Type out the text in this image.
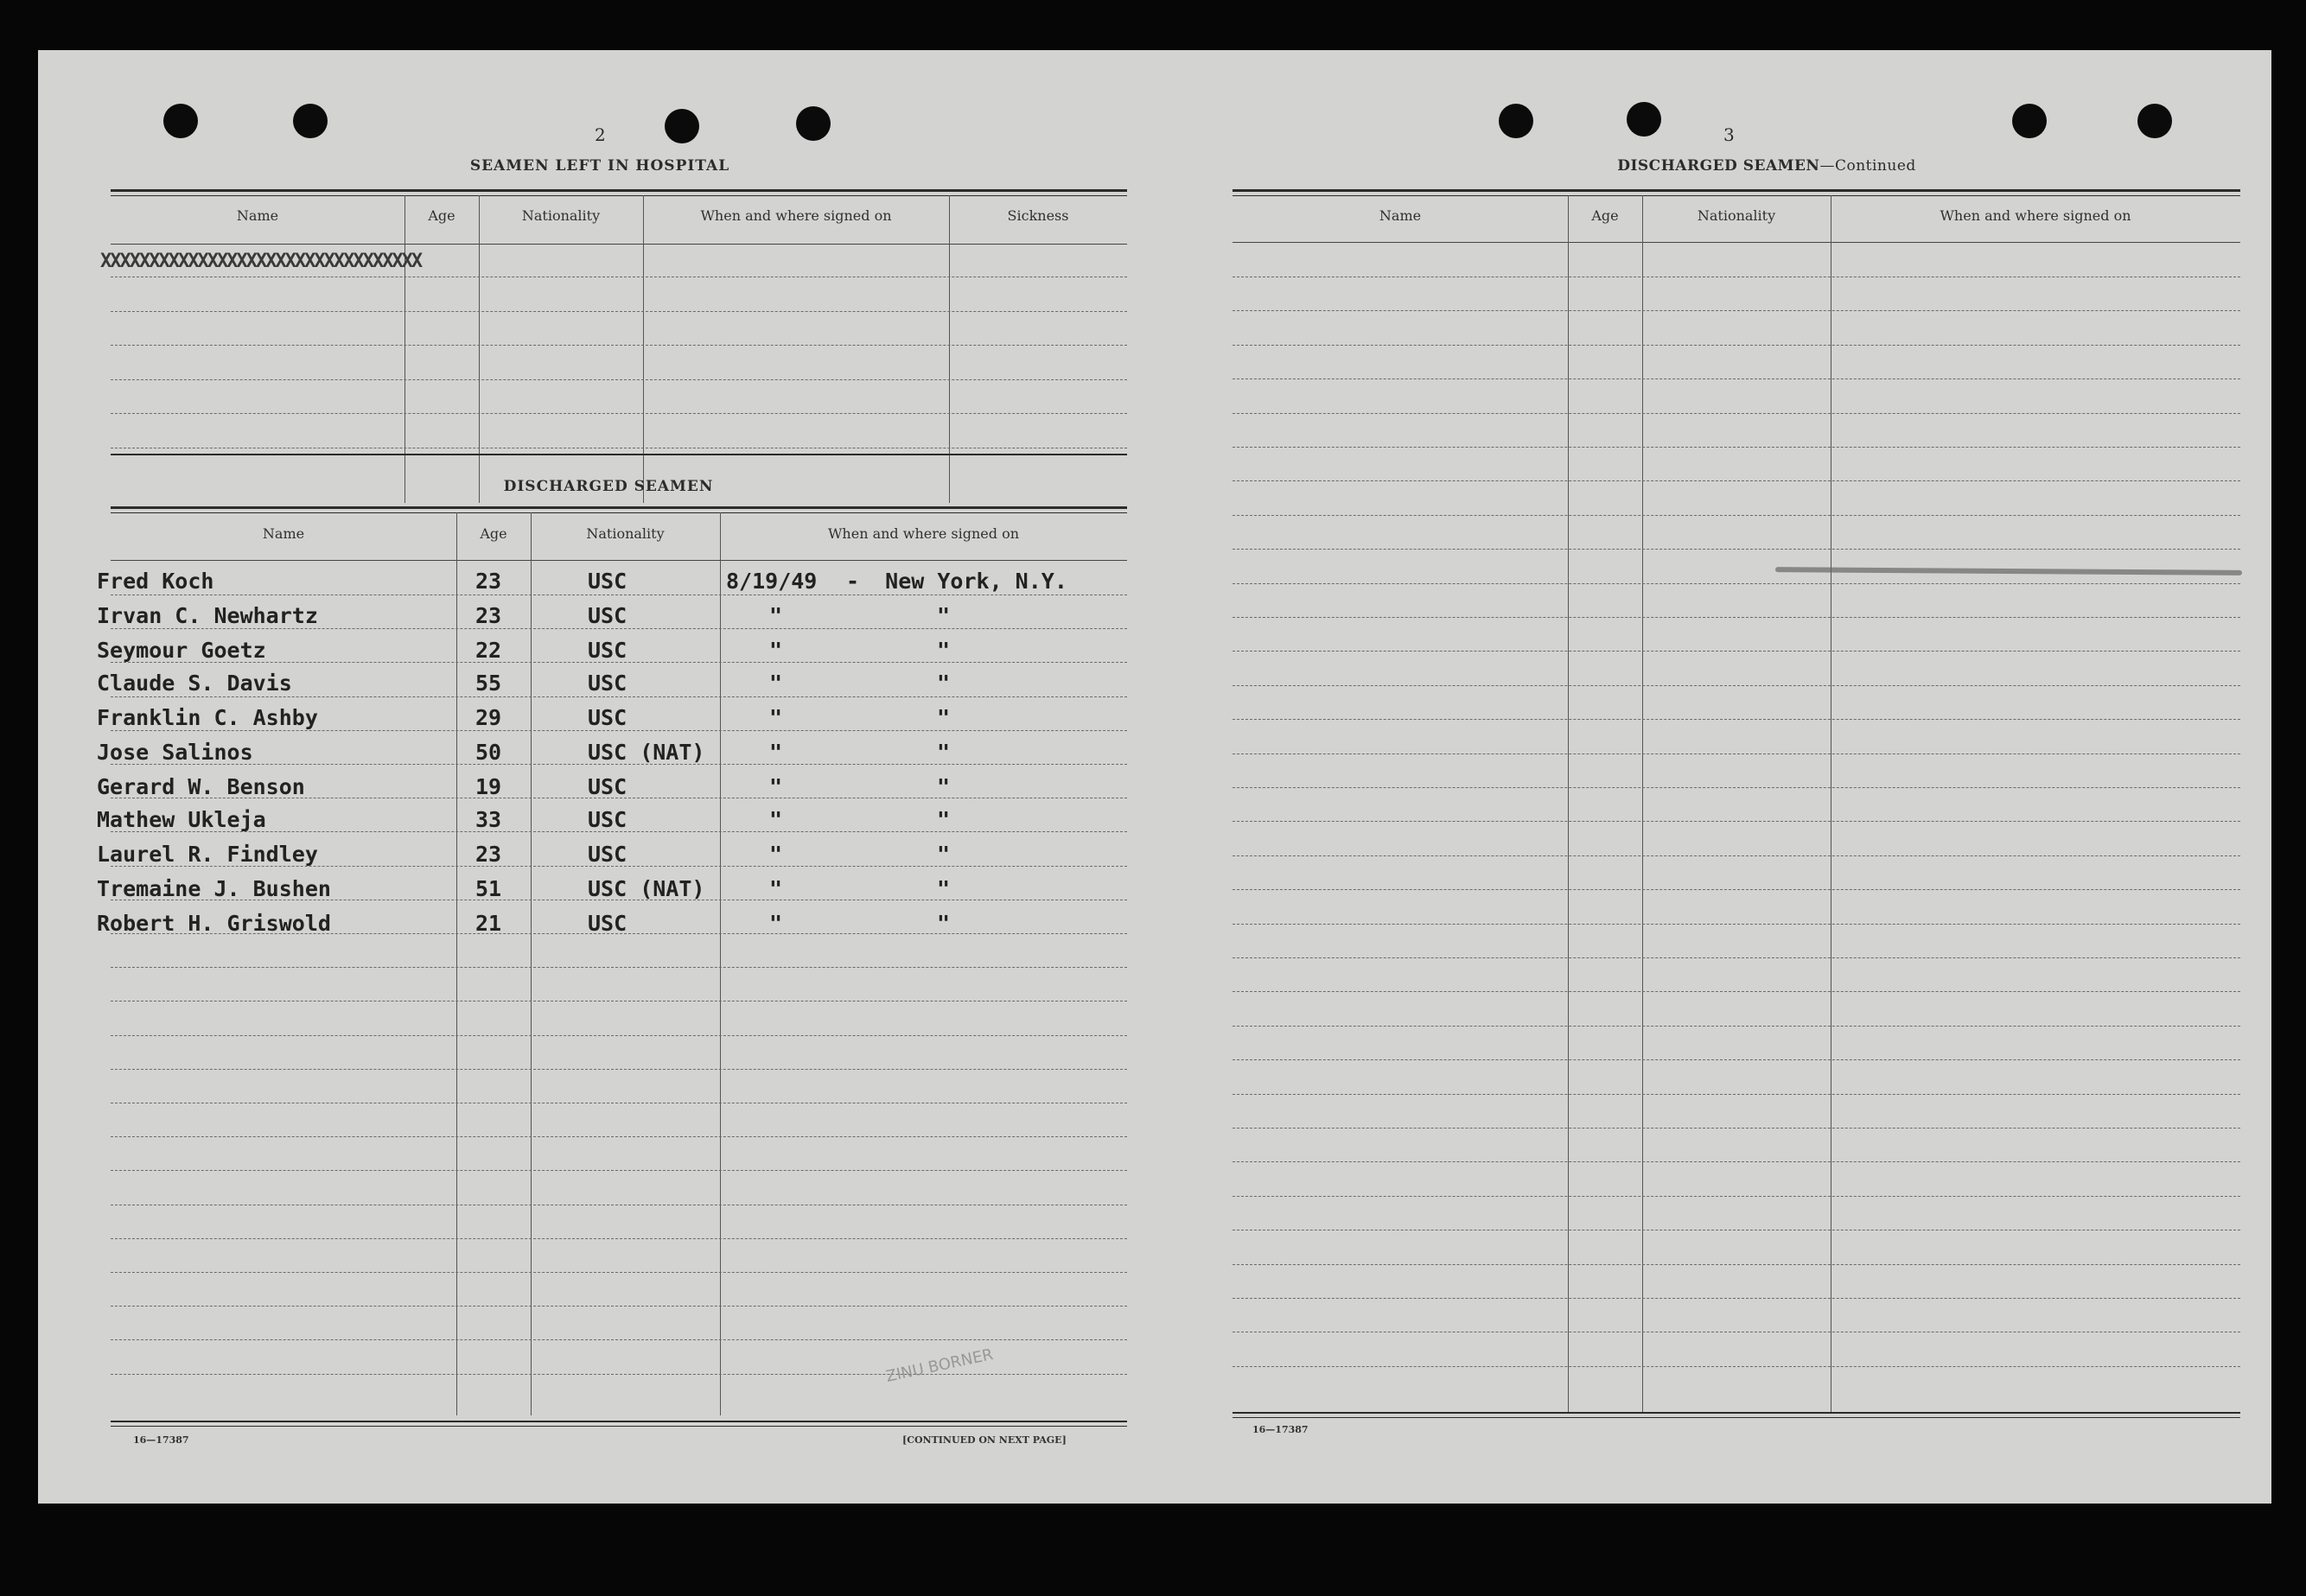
2
SEAMEN LEFT IN HOSPITAL
Name	Age	Nationality	When and where signed on	Sickness
XXXXXXXXXXXXXXXXXXXXXXXXXXXXXXXXX
DISCHARGED SEAMEN
Name	Age	Nationality	When and where signed on
Fred Koch	23	USC	8/19/49 -  New York, N.Y.
Irvan C. Newhartz	23	USC	"	"
Seymour Goetz	22	USC	"	"
Claude S. Davis	55	USC	"	"
Franklin C. Ashby	29	USC	"	"
Jose Salinos	50	USC (NAT)	"	"
Gerard W. Benson	19	USC	"	"
Mathew Ukleja	33	USC	"	"
Laurel R. Findley	23	USC	"	"
Tremaine J. Bushen	51	USC (NAT)	"	"
Robert H. Griswold	21	USC	"	"
ZINU BORNER
16—17387	[CONTINUED ON NEXT PAGE]
3
DISCHARGED SEAMEN—Continued
Name	Age	Nationality	When and where signed on
16—17387
